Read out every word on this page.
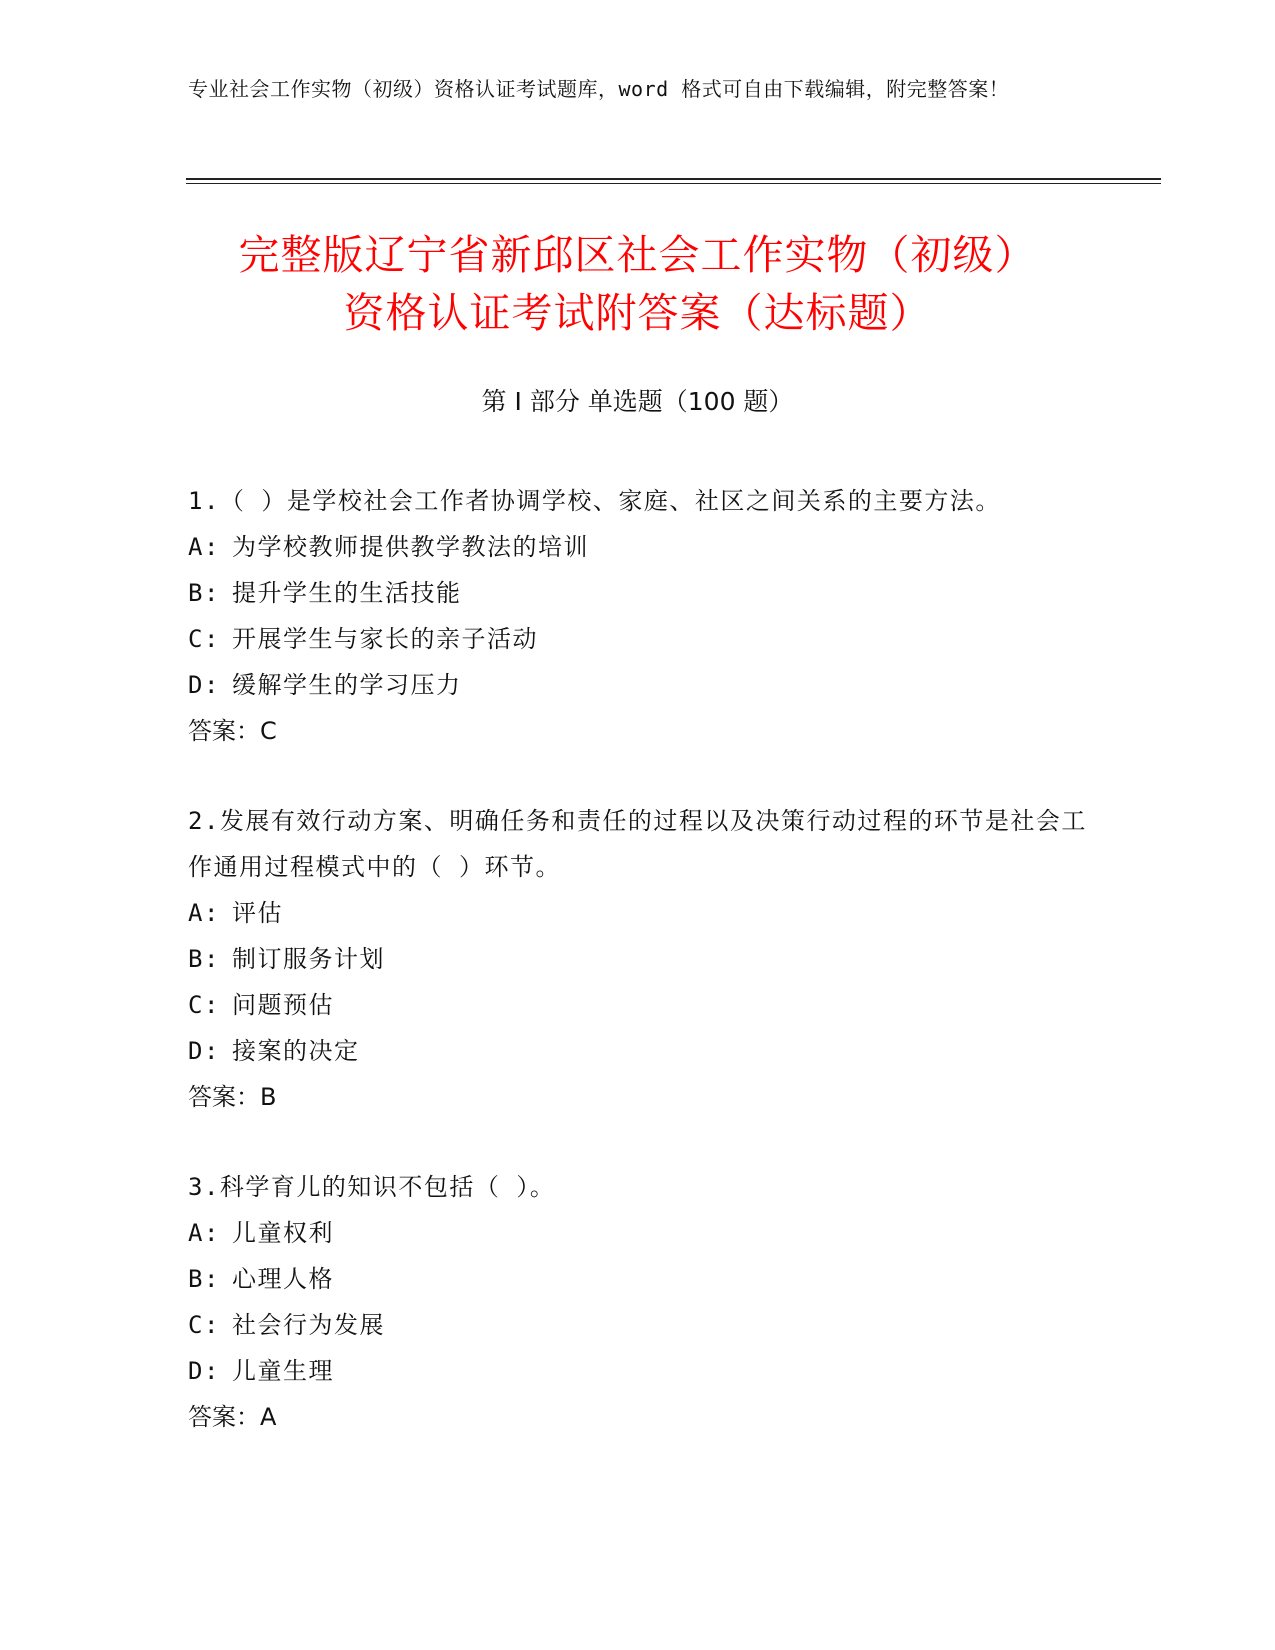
专业社会工作实物（初级）资格认证考试题库，word 格式可自由下载编辑，附完整答案！
完整版辽宁省新邱区社会工作实物（初级）
资格认证考试附答案（达标题）
第 I 部分 单选题（100 题）

1.（ ）是学校社会工作者协调学校、家庭、社区之间关系的主要方法。

A: 为学校教师提供教学教法的培训

B: 提升学生的生活技能

C: 开展学生与家长的亲子活动

D: 缓解学生的学习压力

答案：C

2.发展有效行动方案、明确任务和责任的过程以及决策行动过程的环节是社会工作通用过程模式中的（ ）环节。

A: 评估

B: 制订服务计划

C: 问题预估

D: 接案的决定

答案：B

3.科学育儿的知识不包括（ ）。

A: 儿童权利

B: 心理人格

C: 社会行为发展

D: 儿童生理

答案：A
